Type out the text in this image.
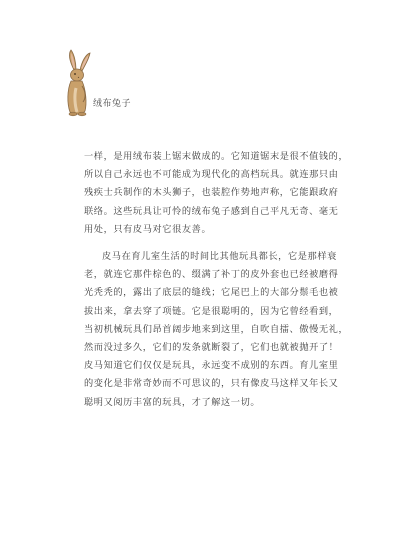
绒布兔子
一样，是用绒布装上锯末做成的。它知道锯末是很不值钱的，
所以自己永远也不可能成为现代化的高档玩具。就连那只由
残疾士兵制作的木头狮子，也装腔作势地声称，它能跟政府
联络。这些玩具让可怜的绒布兔子感到自己平凡无奇、毫无
用处，只有皮马对它很友善。
皮马在育儿室生活的时间比其他玩具都长，它是那样衰
老，就连它那件棕色的、缀满了补丁的皮外套也已经被磨得
光秃秃的，露出了底层的缝线；它尾巴上的大部分鬃毛也被
拔出来，拿去穿了项链。它是很聪明的，因为它曾经看到，
当初机械玩具们昂首阔步地来到这里，自吹自擂、傲慢无礼，
然而没过多久，它们的发条就断裂了，它们也就被抛开了！
皮马知道它们仅仅是玩具，永远变不成别的东西。育儿室里
的变化是非常奇妙而不可思议的，只有像皮马这样又年长又
聪明又阅历丰富的玩具，才了解这一切。
